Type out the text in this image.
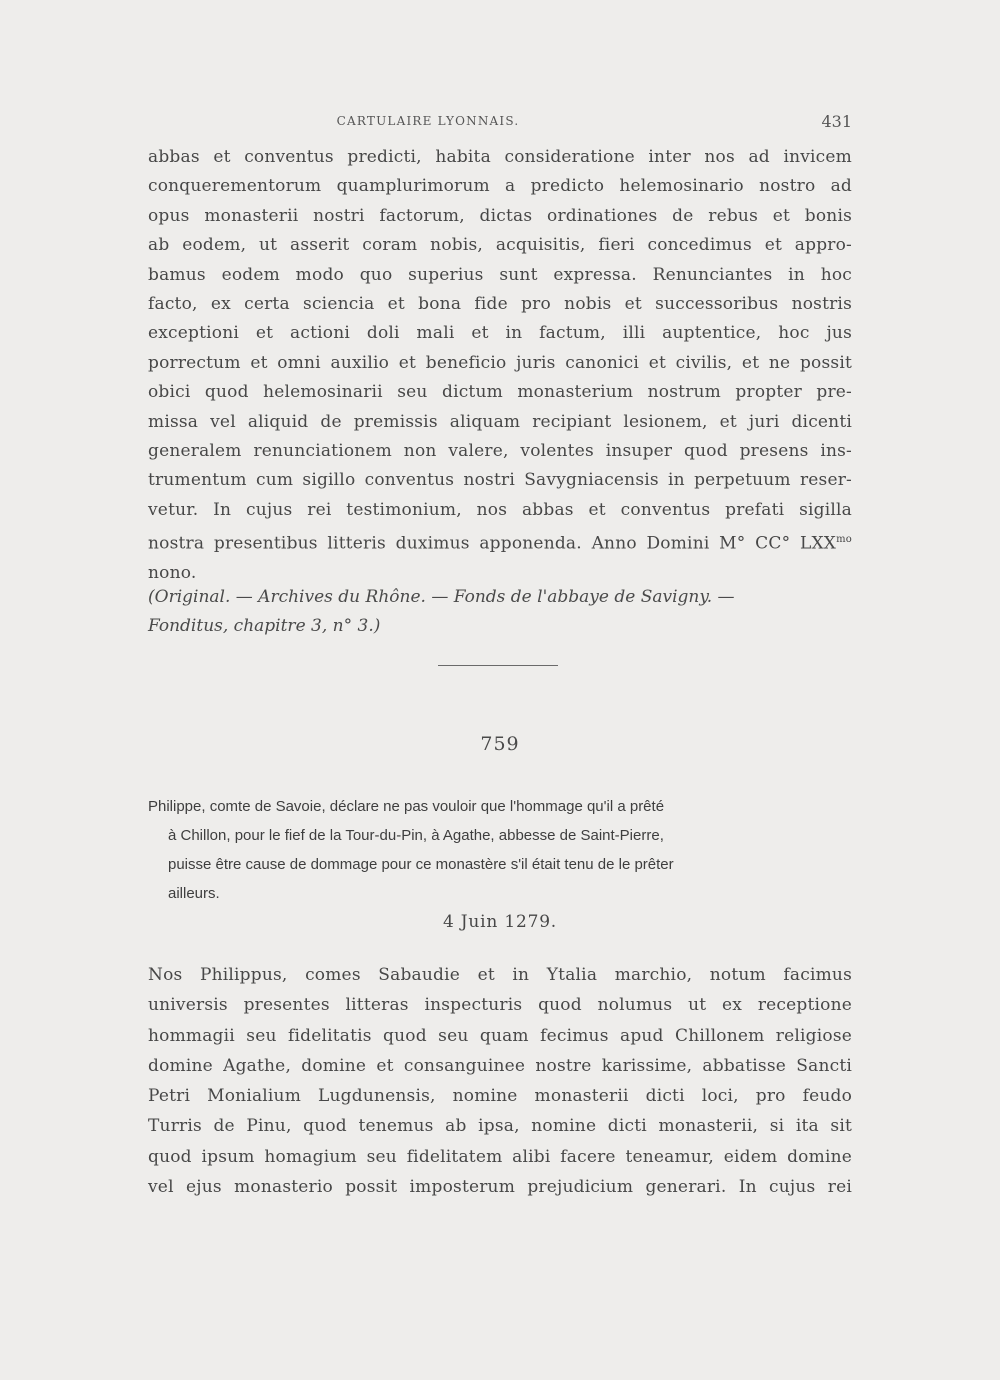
CARTULAIRE LYONNAIS.	431
abbas et conventus predicti, habita consideratione inter nos ad invicem
conquerementorum quamplurimorum a predicto helemosinario nostro ad
opus monasterii nostri factorum, dictas ordinationes de rebus et bonis
ab eodem, ut asserit coram nobis, acquisitis, fieri concedimus et appro-
bamus eodem modo quo superius sunt expressa. Renunciantes in hoc
facto, ex certa sciencia et bona fide pro nobis et successoribus nostris
exceptioni et actioni doli mali et in factum, illi auptentice, hoc jus
porrectum et omni auxilio et beneficio juris canonici et civilis, et ne possit
obici quod helemosinarii seu dictum monasterium nostrum propter pre-
missa vel aliquid de premissis aliquam recipiant lesionem, et juri dicenti
generalem renunciationem non valere, volentes insuper quod presens ins-
trumentum cum sigillo conventus nostri Savygniacensis in perpetuum reser-
vetur. In cujus rei testimonium, nos abbas et conventus prefati sigilla
nostra presentibus litteris duximus apponenda. Anno Domini M° CC° $LXX^{mo}$
nono.
(Original. — Archives du Rhône. — Fonds de l'abbaye de Savigny. —
Fonditus, chapitre 3, n° 3.)
759
Philippe, comte de Savoie, déclare ne pas vouloir que l'hommage qu'il a prêté
à Chillon, pour le fief de la Tour-du-Pin, à Agathe, abbesse de Saint-Pierre,
puisse être cause de dommage pour ce monastère s'il était tenu de le prêter
ailleurs.
4 Juin 1279.
Nos Philippus, comes Sabaudie et in Ytalia marchio, notum facimus
universis presentes litteras inspecturis quod nolumus ut ex receptione
hommagii seu fidelitatis quod seu quam fecimus apud Chillonem religiose
domine Agathe, domine et consanguinee nostre karissime, abbatisse Sancti
Petri Monialium Lugdunensis, nomine monasterii dicti loci, pro feudo
Turris de Pinu, quod tenemus ab ipsa, nomine dicti monasterii, si ita sit
quod ipsum homagium seu fidelitatem alibi facere teneamur, eidem domine
vel ejus monasterio possit imposterum prejudicium generari. In cujus rei
